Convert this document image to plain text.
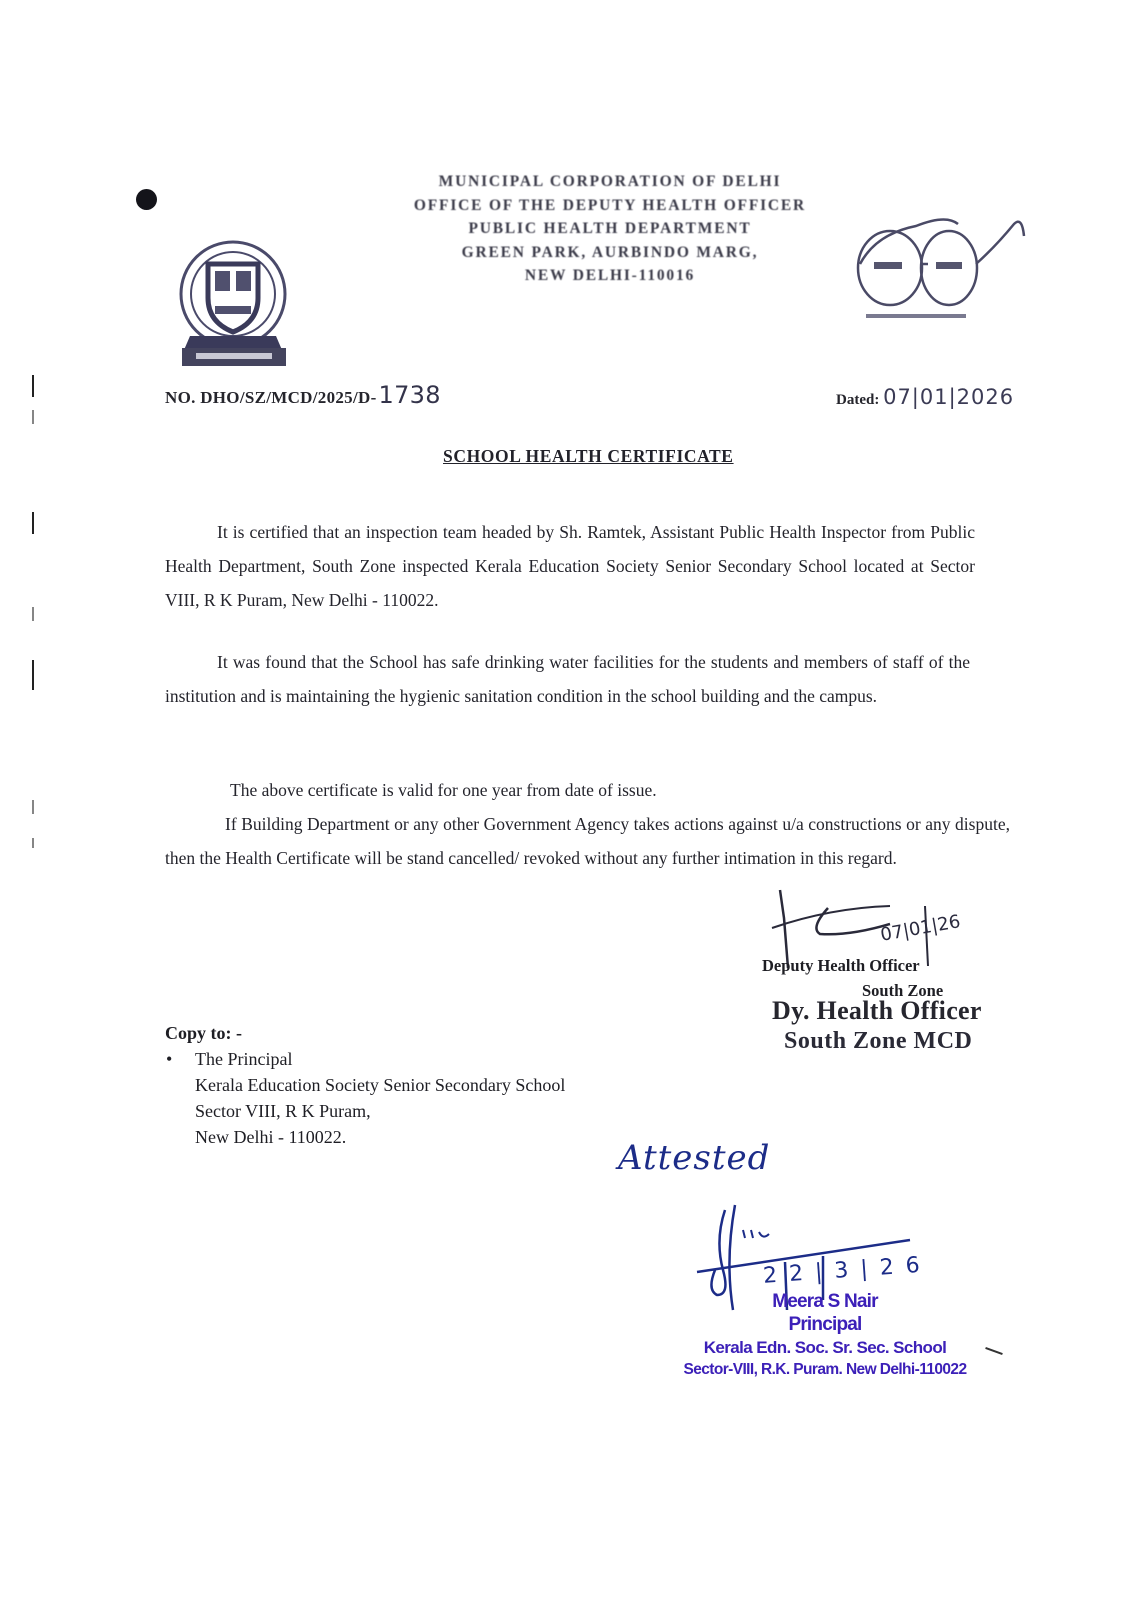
MUNICIPAL CORPORATION OF DELHI
OFFICE OF THE DEPUTY HEALTH OFFICER
PUBLIC HEALTH DEPARTMENT
GREEN PARK, AURBINDO MARG,
NEW DELHI-110016
NO. DHO/SZ/MCD/2025/D-1738	Dated: 07|01|2026
SCHOOL HEALTH CERTIFICATE

It is certified that an inspection team headed by Sh. Ramtek, Assistant Public Health Inspector from Public Health Department, South Zone inspected Kerala Education Society Senior Secondary School located at Sector VIII, R K Puram, New Delhi - 110022.

It was found that the School has safe drinking water facilities for the students and members of staff of the institution and is maintaining the hygienic sanitation condition in the school building and the campus.

The above certificate is valid for one year from date of issue.

If Building Department or any other Government Agency takes actions against u/a constructions or any dispute, then the Health Certificate will be stand cancelled/ revoked without any further intimation in this regard.

07|01|26
Deputy Health Officer
South Zone
Dy. Health Officer
South Zone MCD
Copy to: -
• The Principal
Kerala Education Society Senior Secondary School
Sector VIII, R K Puram,
New Delhi - 110022.
Attested
22|3|26
Meera S Nair
Principal
Kerala Edn. Soc. Sr. Sec. School
Sector-VIII, R.K. Puram. New Delhi-110022
